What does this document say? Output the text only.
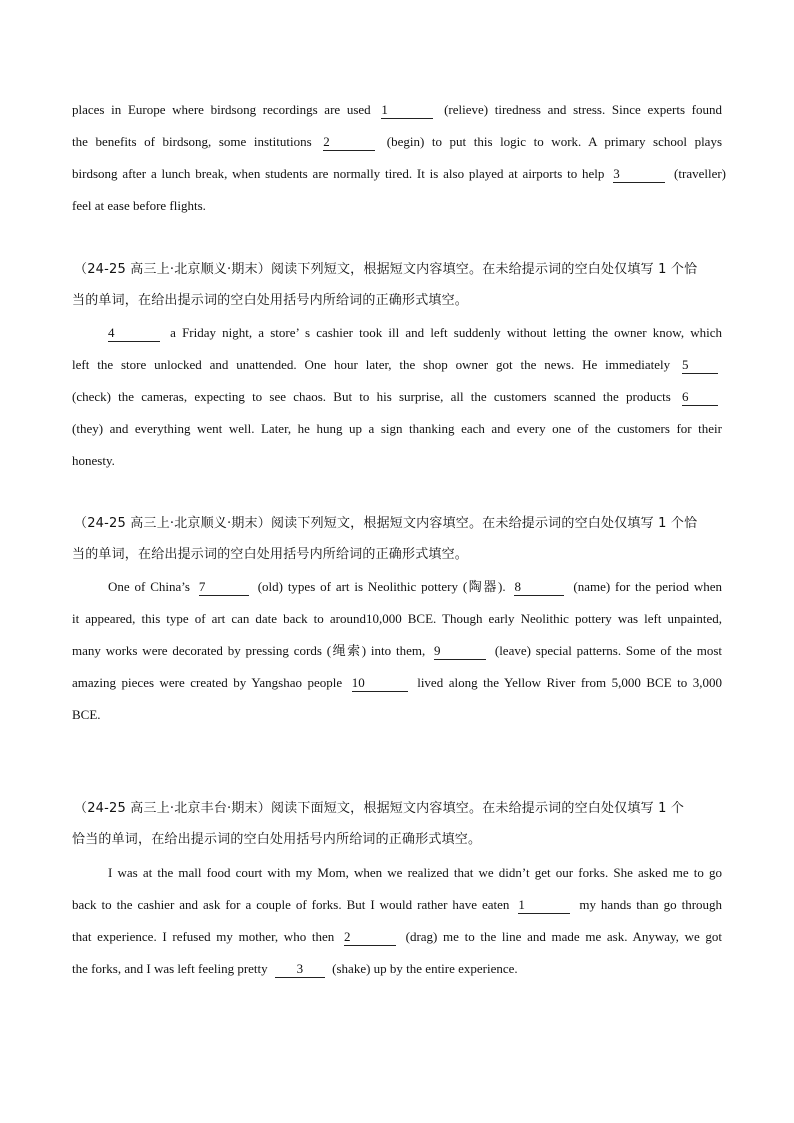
places in Europe where birdsong recordings are used 1	(relieve) tiredness and stress. Since experts found
the benefits of birdsong, some institutions 2	(begin) to put this logic to work. A primary school plays
birdsong after a lunch break, when students are normally tired. It is also played at airports to help 3	(traveller)
feel at ease before flights.
（24-25 高三上·北京顺义·期末）阅读下列短文，根据短文内容填空。在未给提示词的空白处仅填写 1 个恰
当的单词，在给出提示词的空白处用括号内所给词的正确形式填空。
4	a Friday night, a store’ s cashier took ill and left suddenly without letting the owner know, which
left the store unlocked and unattended. One hour later, the shop owner got the news. He immediately 5
(check) the cameras, expecting to see chaos. But to his surprise, all the customers scanned the products 6
(they) and everything went well. Later, he hung up a sign thanking each and every one of the customers for their
honesty.
（24-25 高三上·北京顺义·期末）阅读下列短文，根据短文内容填空。在未给提示词的空白处仅填写 1 个恰
当的单词，在给出提示词的空白处用括号内所给词的正确形式填空。
One of China’s 7	(old) types of art is Neolithic pottery (陶器). 8	(name) for the period when
it appeared, this type of art can date back to around10,000 BCE. Though early Neolithic pottery was left unpainted,
many works were decorated by pressing cords (绳索) into them, 9	(leave) special patterns. Some of the most
amazing pieces were created by Yangshao people 10	lived along the Yellow River from 5,000 BCE to 3,000
BCE.
（24-25 高三上·北京丰台·期末）阅读下面短文，根据短文内容填空。在未给提示词的空白处仅填写 1 个
恰当的单词，在给出提示词的空白处用括号内所给词的正确形式填空。
I was at the mall food court with my Mom, when we realized that we didn’t get our forks. She asked me to go
back to the cashier and ask for a couple of forks. But I would rather have eaten 1	my hands than go through
that experience. I refused my mother, who then 2	(drag) me to the line and made me ask. Anyway, we got
the forks, and I was left feeling pretty 3 (shake) up by the entire experience.
